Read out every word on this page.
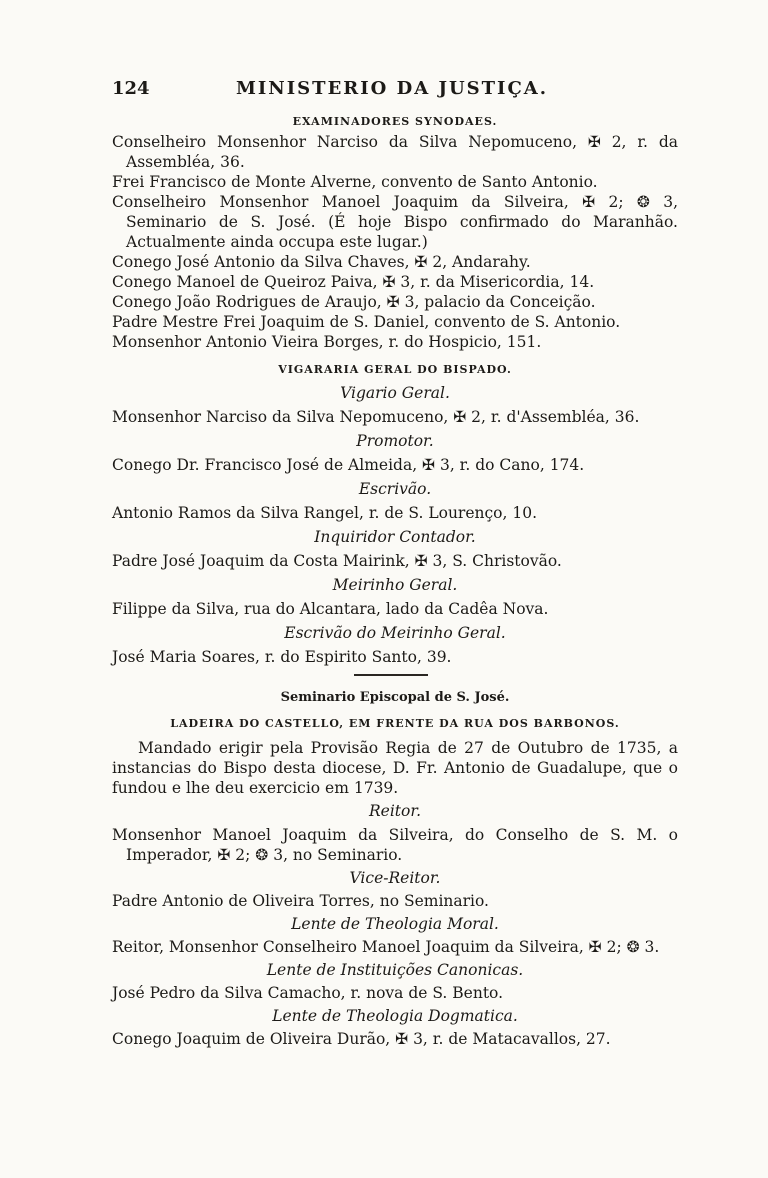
124	MINISTERIO DA JUSTIÇA.
EXAMINADORES SYNODAES.
Conselheiro Monsenhor Narciso da Silva Nepomuceno, ✠ 2, r. da Assembléa, 36.
Frei Francisco de Monte Alverne, convento de Santo Antonio.
Conselheiro Monsenhor Manoel Joaquim da Silveira, ✠ 2; ❂ 3, Seminario de S. José. (É hoje Bispo confirmado do Maranhão. Actualmente ainda occupa este lugar.)
Conego José Antonio da Silva Chaves, ✠ 2, Andarahy.
Conego Manoel de Queiroz Paiva, ✠ 3, r. da Misericordia, 14.
Conego João Rodrigues de Araujo, ✠ 3, palacio da Conceição.
Padre Mestre Frei Joaquim de S. Daniel, convento de S. Antonio.
Monsenhor Antonio Vieira Borges, r. do Hospicio, 151.
VIGARARIA GERAL DO BISPADO.
Vigario Geral.
Monsenhor Narciso da Silva Nepomuceno, ✠ 2, r. d'Assembléa, 36.
Promotor.
Conego Dr. Francisco José de Almeida, ✠ 3, r. do Cano, 174.
Escrivão.
Antonio Ramos da Silva Rangel, r. de S. Lourenço, 10.
Inquiridor Contador.
Padre José Joaquim da Costa Mairink, ✠ 3, S. Christovão.
Meirinho Geral.
Filippe da Silva, rua do Alcantara, lado da Cadêa Nova.
Escrivão do Meirinho Geral.
José Maria Soares, r. do Espirito Santo, 39.
Seminario Episcopal de S. José.
LADEIRA DO CASTELLO, EM FRENTE DA RUA DOS BARBONOS.
Mandado erigir pela Provisão Regia de 27 de Outubro de 1735, a instancias do Bispo desta diocese, D. Fr. Antonio de Guadalupe, que o fundou e lhe deu exercicio em 1739.
Reitor.
Monsenhor Manoel Joaquim da Silveira, do Conselho de S. M. o Imperador, ✠ 2; ❂ 3, no Seminario.
Vice-Reitor.
Padre Antonio de Oliveira Torres, no Seminario.
Lente de Theologia Moral.
Reitor, Monsenhor Conselheiro Manoel Joaquim da Silveira, ✠ 2; ❂ 3.
Lente de Instituições Canonicas.
José Pedro da Silva Camacho, r. nova de S. Bento.
Lente de Theologia Dogmatica.
Conego Joaquim de Oliveira Durão, ✠ 3, r. de Matacavallos, 27.
